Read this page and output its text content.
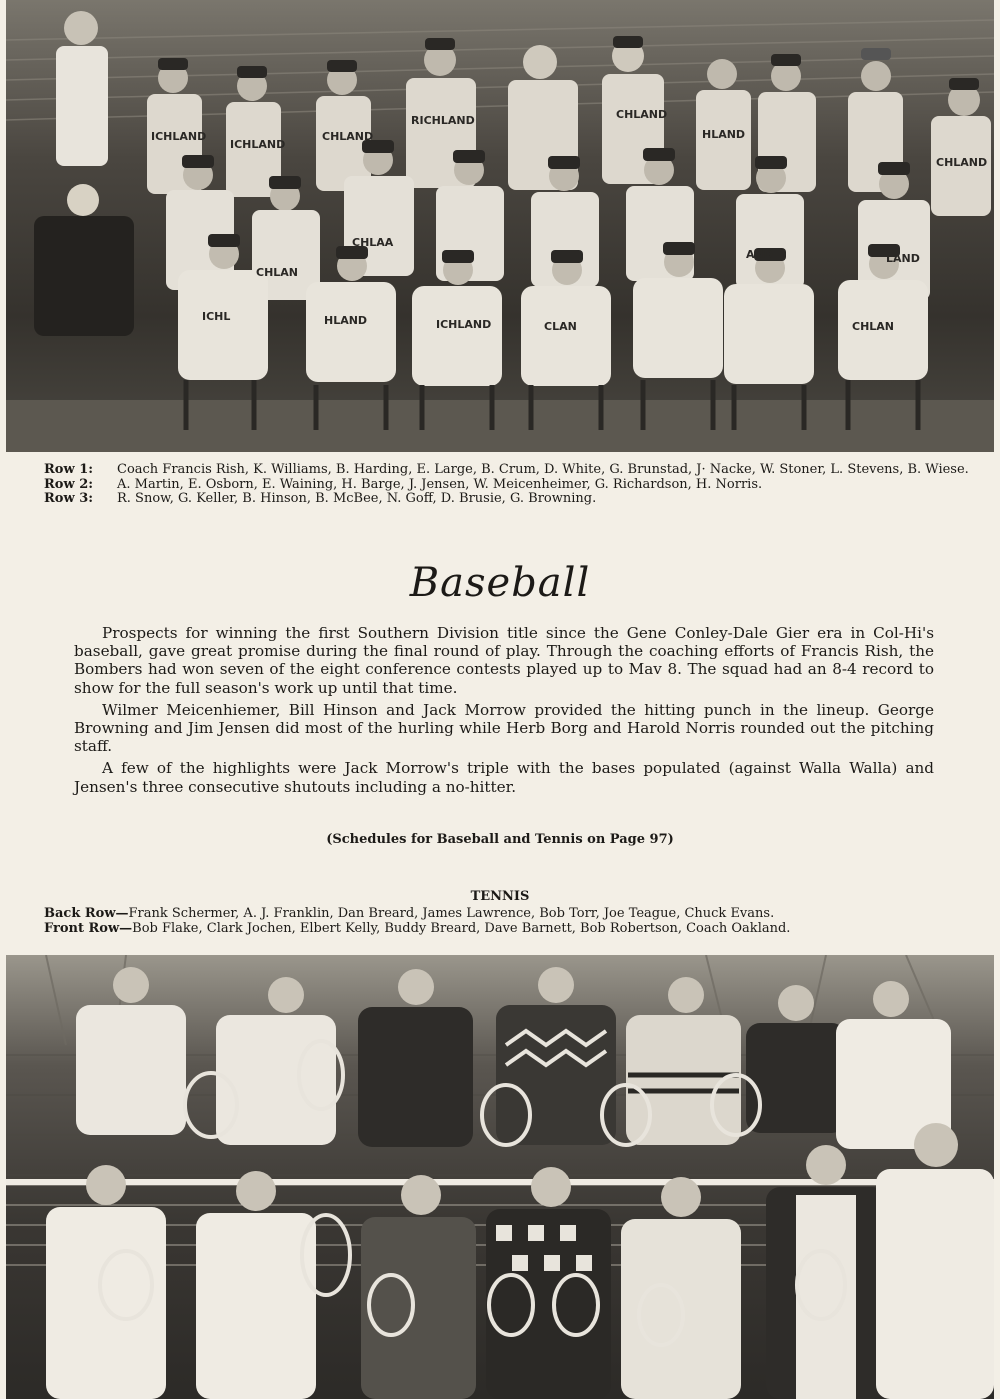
ICHLAND
ICHLAND
CHLAND
RICHLAND	CHLAND
HLAND
CHLAND
CHLAA
AND	LAND
CHLAN
ICHL	HLAND	ICHLAND	CLAN	CHLAN
Row 1:	Coach Francis Rish, K. Williams, B. Harding, E. Large, B. Crum, D. White, G. Brunstad, J· Nacke, W. Stoner, L. Stevens, B. Wiese.
Row 2:	A. Martin, E. Osborn, E. Waining, H. Barge, J. Jensen, W. Meicenheimer, G. Richardson, H. Norris.
Row 3:	R. Snow, G. Keller, B. Hinson, B. McBee, N. Goff, D. Brusie, G. Browning.
Baseball

Prospects for winning the first Southern Division title since the Gene Conley-Dale Gier era in Col-Hi's baseball, gave great promise during the final round of play. Through the coaching efforts of Francis Rish, the Bombers had won seven of the eight conference contests played up to Mav 8. The squad had an 8-4 record to show for the full season's work up until that time.

Wilmer Meicenhiemer, Bill Hinson and Jack Morrow provided the hitting punch in the lineup. George Browning and Jim Jensen did most of the hurling while Herb Borg and Harold Norris rounded out the pitching staff.

A few of the highlights were Jack Morrow's triple with the bases populated (against Walla Walla) and Jensen's three consecutive shutouts including a no-hitter.

(Schedules for Baseball and Tennis on Page 97)
TENNIS
Back Row—Frank Schermer, A. J. Franklin, Dan Breard, James Lawrence, Bob Torr, Joe Teague, Chuck Evans.
Front Row—Bob Flake, Clark Jochen, Elbert Kelly, Buddy Breard, Dave Barnett, Bob Robertson, Coach Oakland.
